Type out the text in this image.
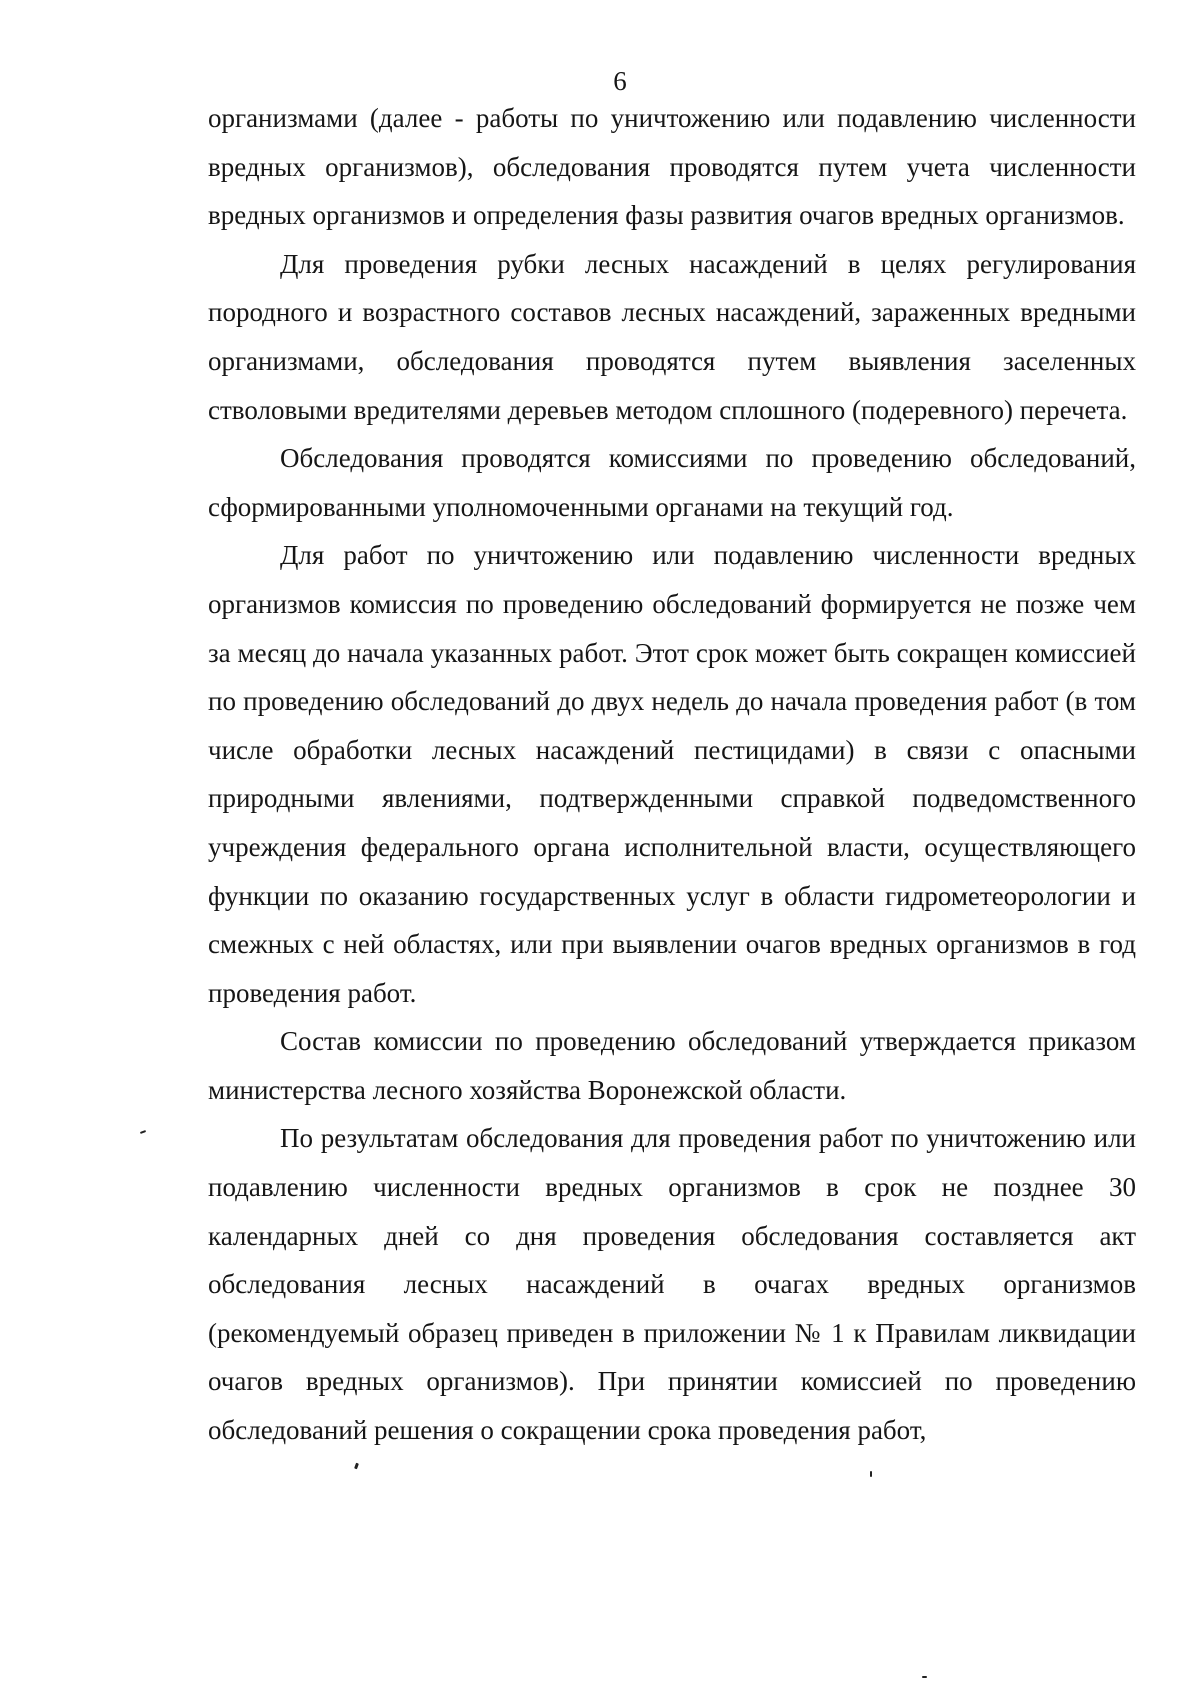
6

организмами (далее - работы по уничтожению или подавлению численности вредных организмов), обследования проводятся путем учета численности вредных организмов и определения фазы развития очагов вредных организмов.

Для проведения рубки лесных насаждений в целях регулирования породного и возрастного составов лесных насаждений, зараженных вредными организмами, обследования проводятся путем выявления заселенных стволовыми вредителями деревьев методом сплошного (подеревного) перечета.

Обследования проводятся комиссиями по проведению обследований, сформированными уполномоченными органами на текущий год.

Для работ по уничтожению или подавлению численности вредных организмов комиссия по проведению обследований формируется не позже чем за месяц до начала указанных работ. Этот срок может быть сокращен комиссией по проведению обследований до двух недель до начала проведения работ (в том числе обработки лесных насаждений пестицидами) в связи с опасными природными явлениями, подтвержденными справкой подведомственного учреждения федерального органа исполнительной власти, осуществляющего функции по оказанию государственных услуг в области гидрометеорологии и смежных с ней областях, или при выявлении очагов вредных организмов в год проведения работ.

Состав комиссии по проведению обследований утверждается приказом министерства лесного хозяйства Воронежской области.

По результатам обследования для проведения работ по уничтожению или подавлению численности вредных организмов в срок не позднее 30 календарных дней со дня проведения обследования составляется акт обследования лесных насаждений в очагах вредных организмов (рекомендуемый образец приведен в приложении № 1 к Правилам ликвидации очагов вредных организмов). При принятии комиссией по проведению обследований решения о сокращении срока проведения работ,
